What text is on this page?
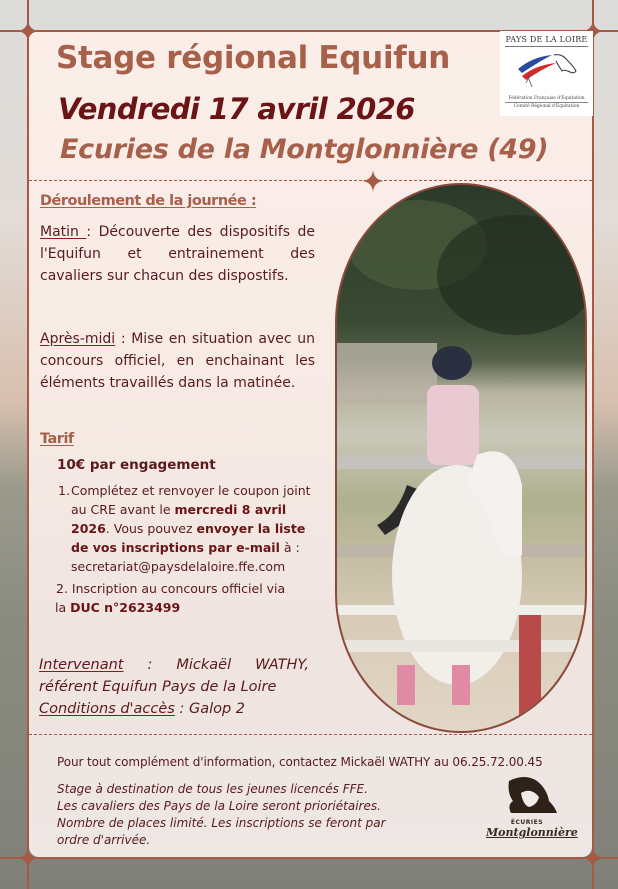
Stage régional Equifun
Vendredi 17 avril 2026
Ecuries de la Montglonnière (49)
PAYS DE LA LOIRE
Fédération Française d'Équitation
Comité Régional d'Équitation
Déroulement de la journée :
Matin : Découverte des dispositifs de l'Equifun et entrainement des cavaliers sur chacun des dispostifs.
Après-midi : Mise en situation avec un concours officiel, en enchainant les éléments travaillés dans la matinée.
Tarif
10€ par engagement
1. Complétez et renvoyer le coupon joint au CRE avant le mercredi 8 avril 2026. Vous pouvez envoyer la liste de vos inscriptions par e-mail à :
secretariat@paysdelaloire.ffe.com
2. Inscription au concours officiel via
la DUC n°2623499
Intervenant : Mickaël WATHY,
référent Equifun Pays de la Loire
Conditions d'accès : Galop 2
Pour tout complément d'information, contactez Mickaël WATHY au 06.25.72.00.45
Stage à destination de tous les jeunes licencés FFE.
Les cavaliers des Pays de la Loire seront prioriétaires.
Nombre de places limité. Les inscriptions se feront par ordre d'arrivée.
ÉCURIES
Montglonnière
